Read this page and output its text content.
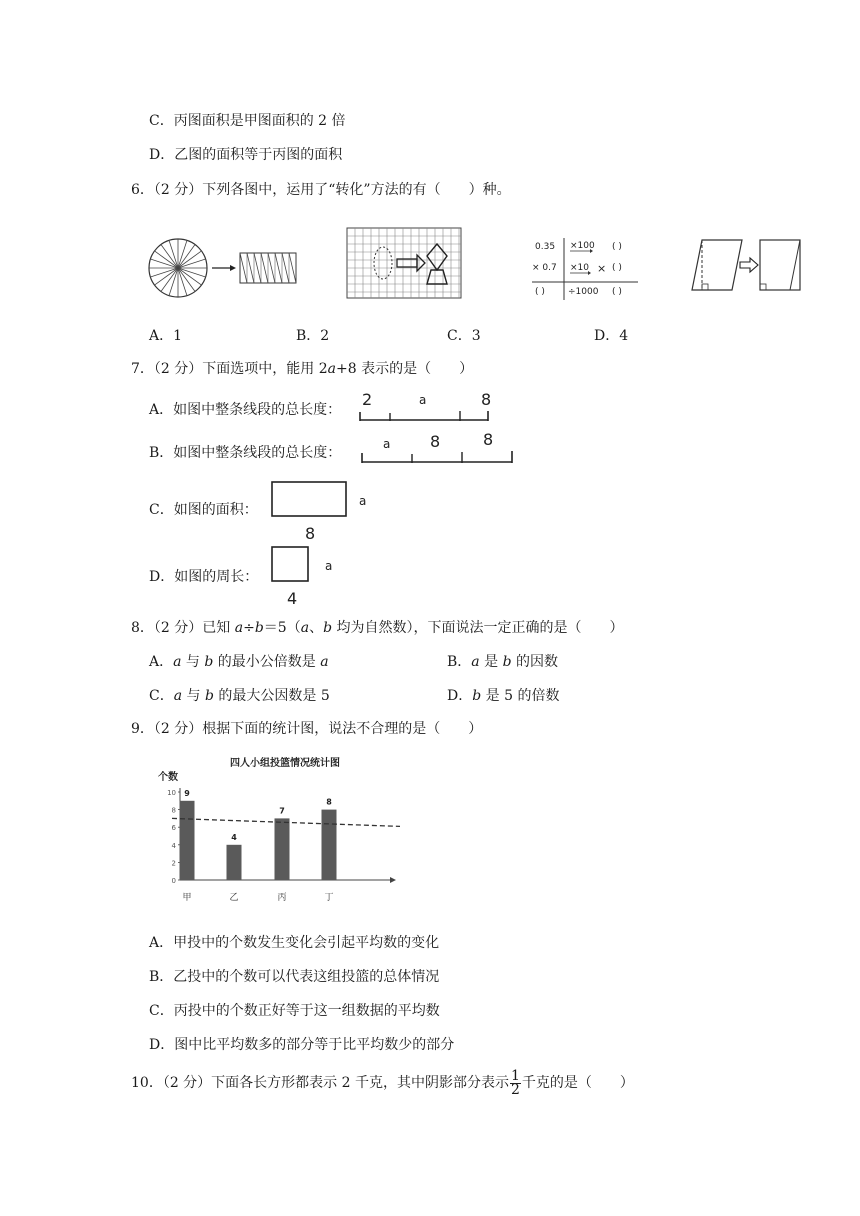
C．丙图面积是甲图面积的 2 倍
D．乙图的面积等于丙图的面积
6．（2 分）下列各图中，运用了“转化”方法的有（　　）种。
0.35
× 0.7
×100
×10
÷1000
( )
× ( )
( )
( )
A．1	B．2	C．3	D．4
7．（2 分）下面选项中，能用 2a+8 表示的是（　　）
A．如图中整条线段的总长度：
2	a	8
B．如图中整条线段的总长度：
a 8	8
C．如图的面积：
a
8
D．如图的周长：
a
4
8．（2 分）已知 a÷b＝5（a、b 均为自然数），下面说法一定正确的是（　　）
A．a 与 b 的最小公倍数是 a	B．a 是 b 的因数
C．a 与 b 的最大公因数是 5	D．b 是 5 的倍数
9．（2 分）根据下面的统计图，说法不合理的是（　　）
四人小组投篮情况统计图
个数
0
2
4
6
8
10 9
4
7
8
甲	乙	丙	丁
A．甲投中的个数发生变化会引起平均数的变化
B．乙投中的个数可以代表这组投篮的总体情况
C．丙投中的个数正好等于这一组数据的平均数
D．图中比平均数多的部分等于比平均数少的部分
10．（2 分）下面各长方形都表示 2 千克，其中阴影部分表示 $\frac{1}{2}$ 千克的是（　　）
